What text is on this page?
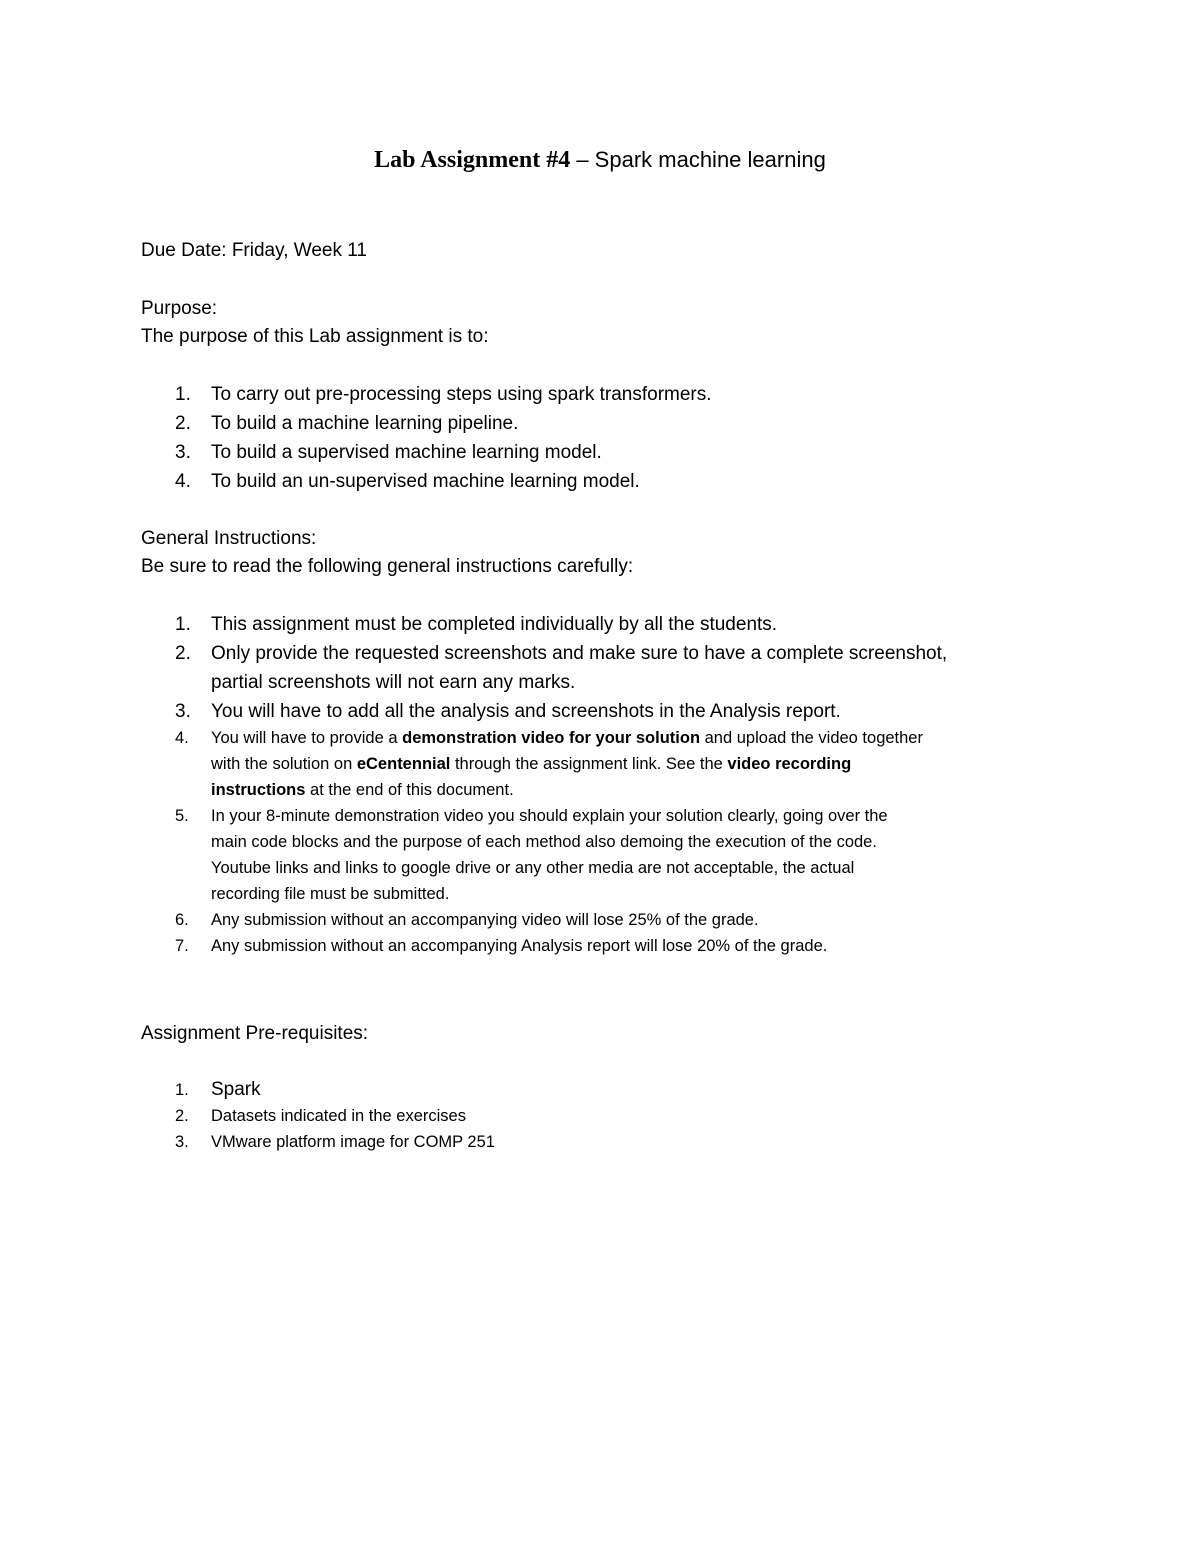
Lab Assignment #4 – Spark machine learning
Due Date: Friday, Week 11
Purpose:
The purpose of this Lab assignment is to:
1. To carry out pre-processing steps using spark transformers.
2. To build a machine learning pipeline.
3. To build a supervised machine learning model.
4. To build an un-supervised machine learning model.
General Instructions:
Be sure to read the following general instructions carefully:
1. This assignment must be completed individually by all the students.
2. Only provide the requested screenshots and make sure to have a complete screenshot,
partial screenshots will not earn any marks.
3. You will have to add all the analysis and screenshots in the Analysis report.
4. You will have to provide a demonstration video for your solution and upload the video together
with the solution on eCentennial through the assignment link. See the video recording
instructions at the end of this document.
5. In your 8-minute demonstration video you should explain your solution clearly, going over the
main code blocks and the purpose of each method also demoing the execution of the code.
Youtube links and links to google drive or any other media are not acceptable, the actual
recording file must be submitted.
6. Any submission without an accompanying video will lose 25% of the grade.
7. Any submission without an accompanying Analysis report will lose 20% of the grade.
Assignment Pre-requisites:
1. Spark
2. Datasets indicated in the exercises
3. VMware platform image for COMP 251
